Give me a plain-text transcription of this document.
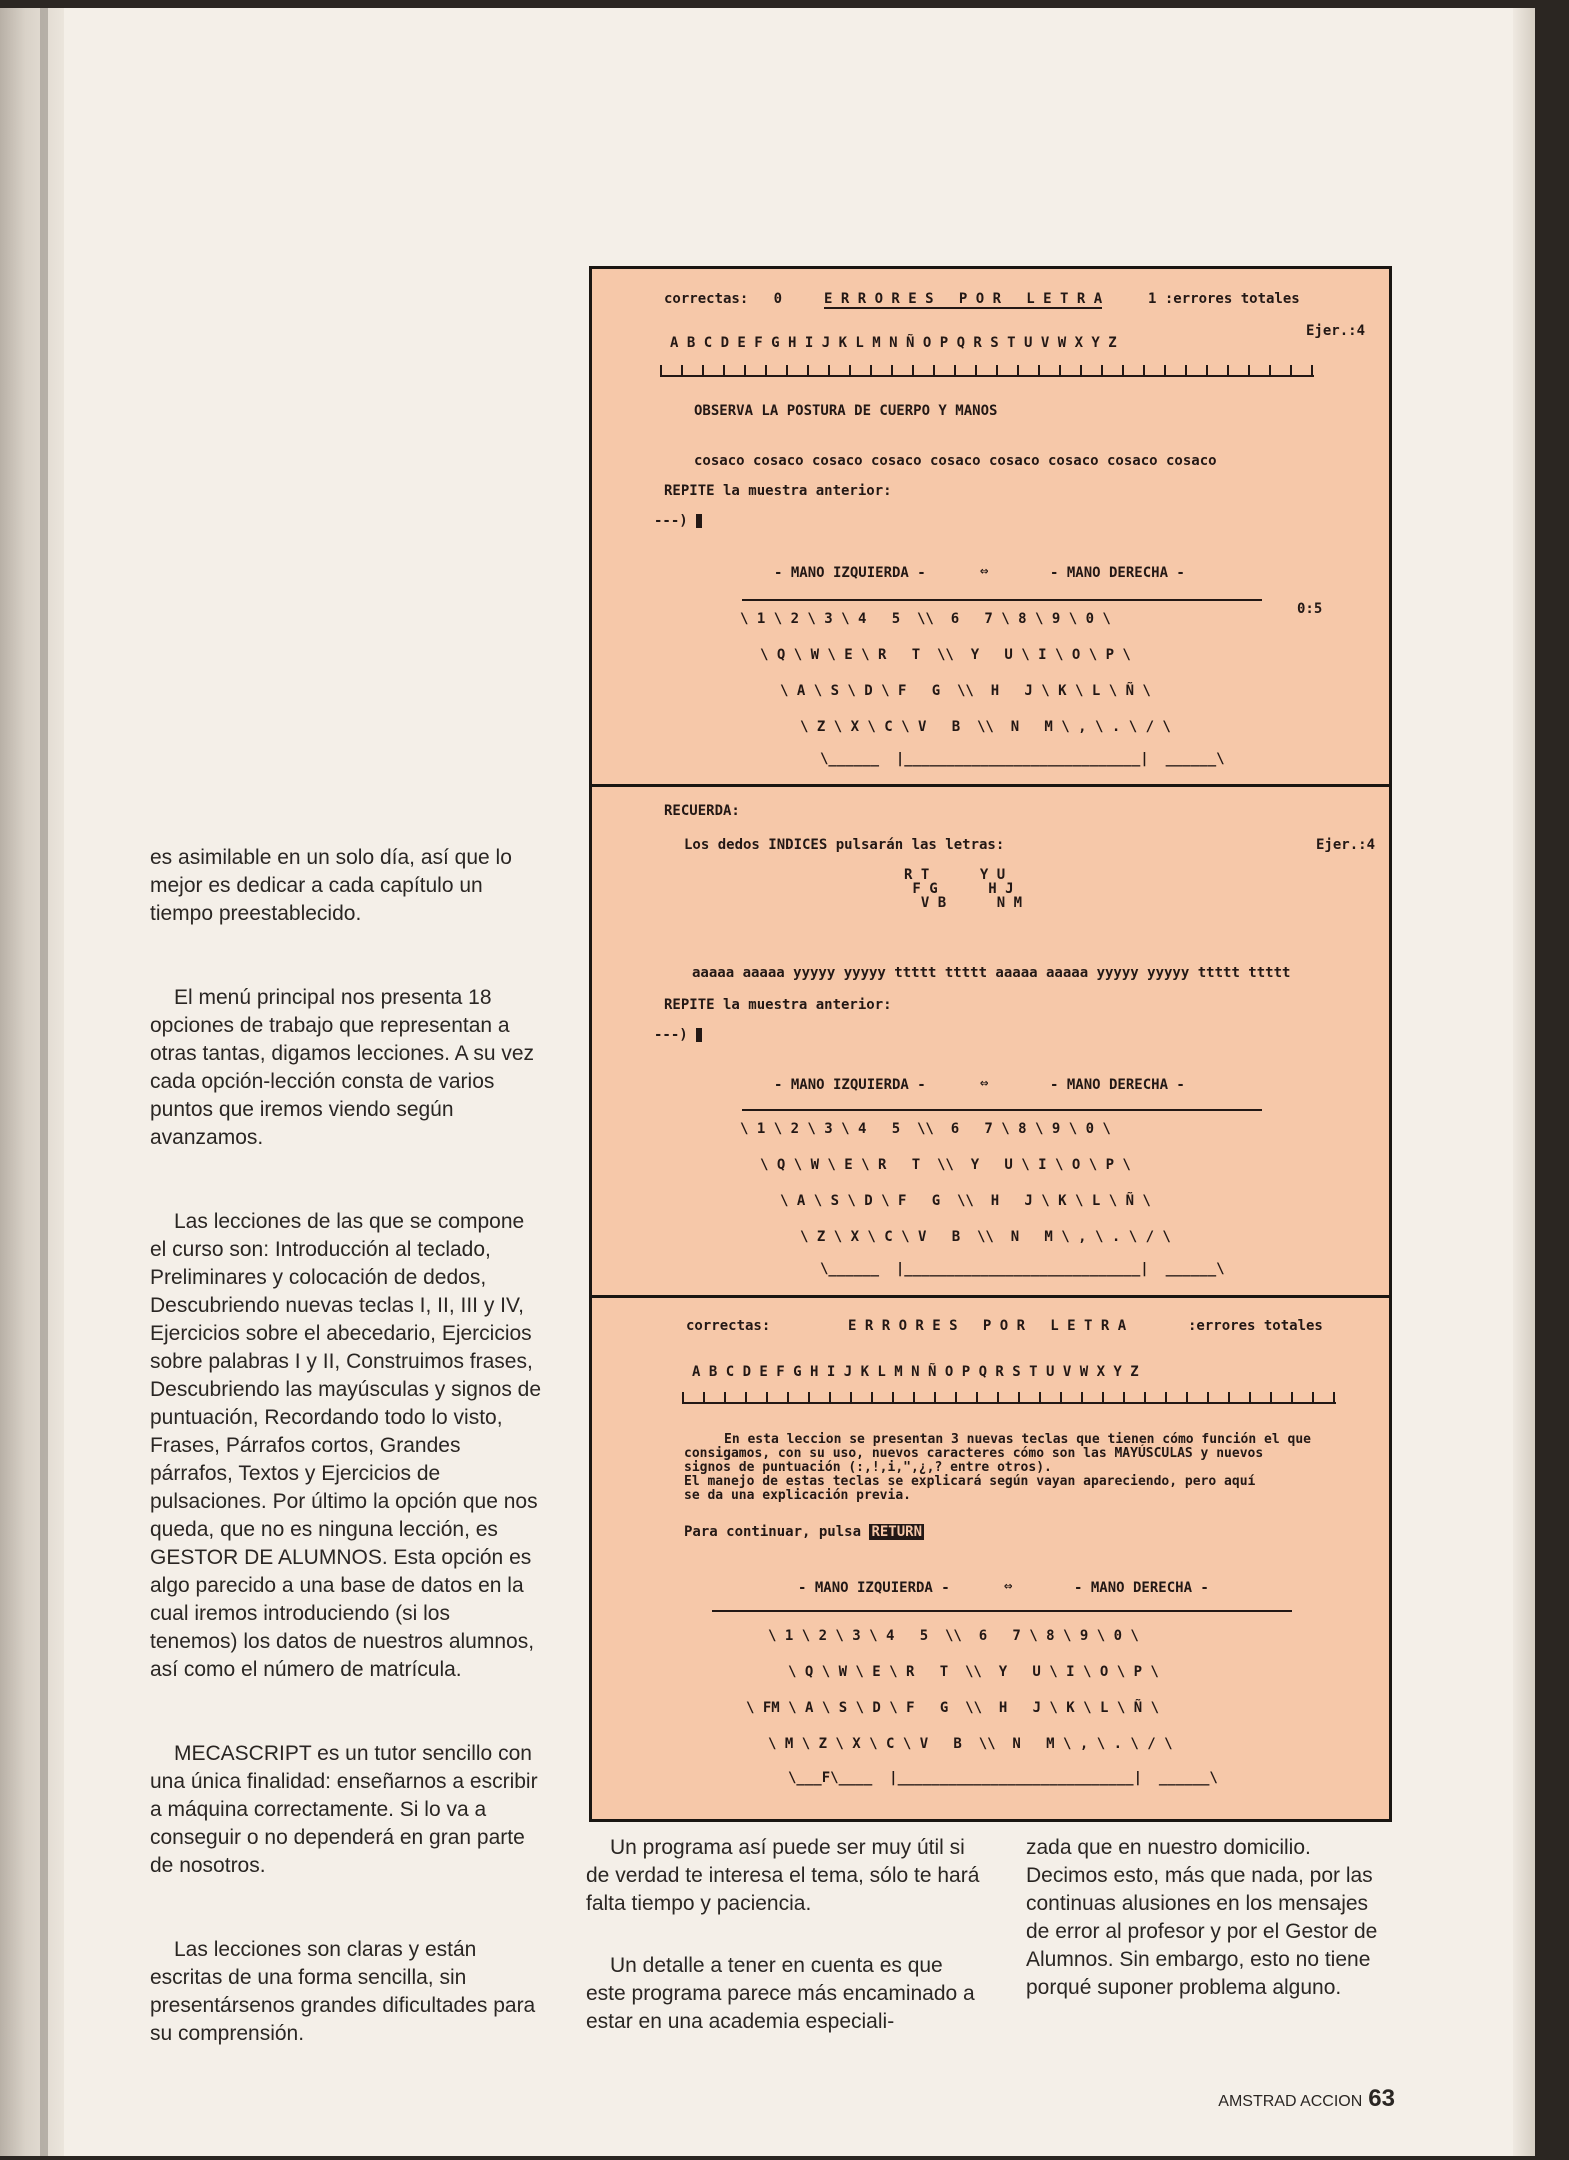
es asimilable en un solo día, así que lo mejor es dedicar a cada capítulo un tiempo preestablecido.

El menú principal nos presenta 18 opciones de trabajo que representan a otras tantas, digamos lecciones. A su vez cada opción-lección consta de varios puntos que iremos viendo según avanzamos.

Las lecciones de las que se compone el curso son: Introducción al teclado, Preliminares y colocación de dedos, Descubriendo nuevas teclas I, II, III y IV, Ejercicios sobre el abecedario, Ejercicios sobre palabras I y II, Construimos frases, Descubriendo las mayúsculas y signos de puntuación, Recordando todo lo visto, Frases, Párrafos cortos, Grandes párrafos, Textos y Ejercicios de pulsaciones. Por último la opción que nos queda, que no es ninguna lección, es GESTOR DE ALUMNOS. Esta opción es algo parecido a una base de datos en la cual iremos introduciendo (si los tenemos) los datos de nuestros alumnos, así como el número de matrícula.

MECASCRIPT es un tutor sencillo con una única finalidad: enseñarnos a escribir a máquina correctamente. Si lo va a conseguir o no dependerá en gran parte de nosotros.

Las lecciones son claras y están escritas de una forma sencilla, sin presentársenos grandes dificultades para su comprensión.

correctas:   0	E R R O R E S   P O R   L E T R A	1 :errores totales
Ejer.:4
A B C D E F G H I J K L M N Ñ O P Q R S T U V W X Y Z
OBSERVA LA POSTURA DE CUERPO Y MANOS
cosaco cosaco cosaco cosaco cosaco cosaco cosaco cosaco cosaco
REPITE la muestra anterior:
---)
0:5
- MANO IZQUIERDA -	⇔	- MANO DERECHA -
\ 1 \ 2 \ 3 \ 4   5  \\  6   7 \ 8 \ 9 \ 0 \
\ Q \ W \ E \ R   T  \\  Y   U \ I \ O \ P \
\ A \ S \ D \ F   G  \\  H   J \ K \ L \ Ñ \
\ Z \ X \ C \ V   B  \\  N   M \ , \ . \ / \
\______  |____________________________|  ______\
RECUERDA:
Los dedos INDICES pulsarán las letras:	Ejer.:4
R T      Y U
F G      H J
V B      N M
aaaaa aaaaa yyyyy yyyyy ttttt ttttt aaaaa aaaaa yyyyy yyyyy ttttt ttttt
REPITE la muestra anterior:
---)
- MANO IZQUIERDA -	⇔	- MANO DERECHA -
\ 1 \ 2 \ 3 \ 4   5  \\  6   7 \ 8 \ 9 \ 0 \
\ Q \ W \ E \ R   T  \\  Y   U \ I \ O \ P \
\ A \ S \ D \ F   G  \\  H   J \ K \ L \ Ñ \
\ Z \ X \ C \ V   B  \\  N   M \ , \ . \ / \
\______  |____________________________|  ______\
correctas:	E R R O R E S   P O R   L E T R A	:errores totales
A B C D E F G H I J K L M N Ñ O P Q R S T U V W X Y Z
En esta leccion se presentan 3 nuevas teclas que tienen cómo función el que
consigamos, con su uso, nuevos caracteres cómo son las MAYÚSCULAS y nuevos
signos de puntuación (:,!,i,",¿,? entre otros).
El manejo de estas teclas se explicará según vayan apareciendo, pero aquí
se da una explicación previa.
Para continuar, pulsa RETURN
- MANO IZQUIERDA -	⇔	- MANO DERECHA -
\ 1 \ 2 \ 3 \ 4   5  \\  6   7 \ 8 \ 9 \ 0 \
\ Q \ W \ E \ R   T  \\  Y   U \ I \ O \ P \
\ FM \ A \ S \ D \ F   G  \\  H   J \ K \ L \ Ñ \
\ M \ Z \ X \ C \ V   B  \\  N   M \ , \ . \ / \
\___F\____  |____________________________|  ______\

Un programa así puede ser muy útil si de verdad te interesa el tema, sólo te hará falta tiempo y paciencia.

Un detalle a tener en cuenta es que este programa parece más encaminado a estar en una academia especiali-

zada que en nuestro domicilio. Decimos esto, más que nada, por las continuas alusiones en los mensajes de error al profesor y por el Gestor de Alumnos. Sin embargo, esto no tiene porqué suponer problema alguno.

AMSTRAD ACCION 63
